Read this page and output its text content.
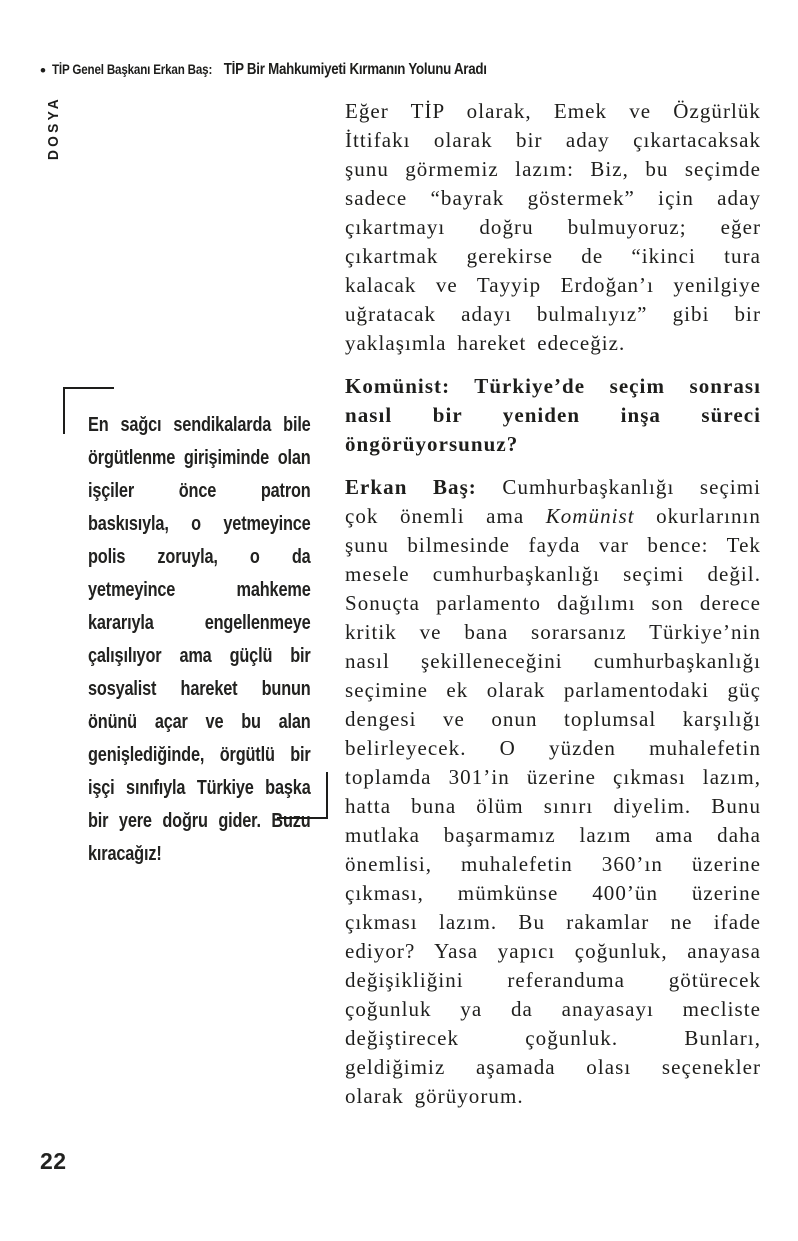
• TİP Genel Başkanı Erkan Baş: TİP Bir Mahkumiyeti Kırmanın Yolunu Aradı
DOSYA
En sağcı sendikalarda bile örgütlenme girişiminde olan işçiler önce patron baskısıyla, o yetmeyince polis zoruyla, o da yetmeyince mahkeme kararıyla engellenmeye çalışılıyor ama güçlü bir sosyalist hareket bunun önünü açar ve bu alan genişlediğinde, örgütlü bir işçi sınıfıyla Türkiye başka bir yere doğru gider. Buzu kıracağız!

Eğer TİP olarak, Emek ve Özgürlük İttifakı olarak bir aday çıkartacaksak şunu görmemiz lazım: Biz, bu seçimde sadece “bayrak göstermek” için aday çıkartmayı doğru bulmuyoruz; eğer çıkartmak gerekirse de “ikinci tura kalacak ve Tayyip Erdoğan’ı yenilgiye uğratacak adayı bulmalıyız” gibi bir yaklaşımla hareket edeceğiz.

Komünist: Türkiye’de seçim sonrası nasıl bir yeniden inşa süreci öngörüyorsunuz?

Erkan Baş: Cumhurbaşkanlığı seçimi çok önemli ama Komünist okurlarının şunu bilmesinde fayda var bence: Tek mesele cumhurbaşkanlığı seçimi değil. Sonuçta parlamento dağılımı son derece kritik ve bana sorarsanız Türkiye’nin nasıl şekilleneceğini cumhurbaşkanlığı seçimine ek olarak parlamentodaki güç dengesi ve onun toplumsal karşılığı belirleyecek. O yüzden muhalefetin toplamda 301’in üzerine çıkması lazım, hatta buna ölüm sınırı diyelim. Bunu mutlaka başarmamız lazım ama daha önemlisi, muhalefetin 360’ın üzerine çıkması, mümkünse 400’ün üzerine çıkması lazım. Bu rakamlar ne ifade ediyor? Yasa yapıcı çoğunluk, anayasa değişikliğini referanduma götürecek çoğunluk ya da anayasayı mecliste değiştirecek çoğunluk. Bunları, geldiğimiz aşamada olası seçenekler olarak görüyorum.

22
